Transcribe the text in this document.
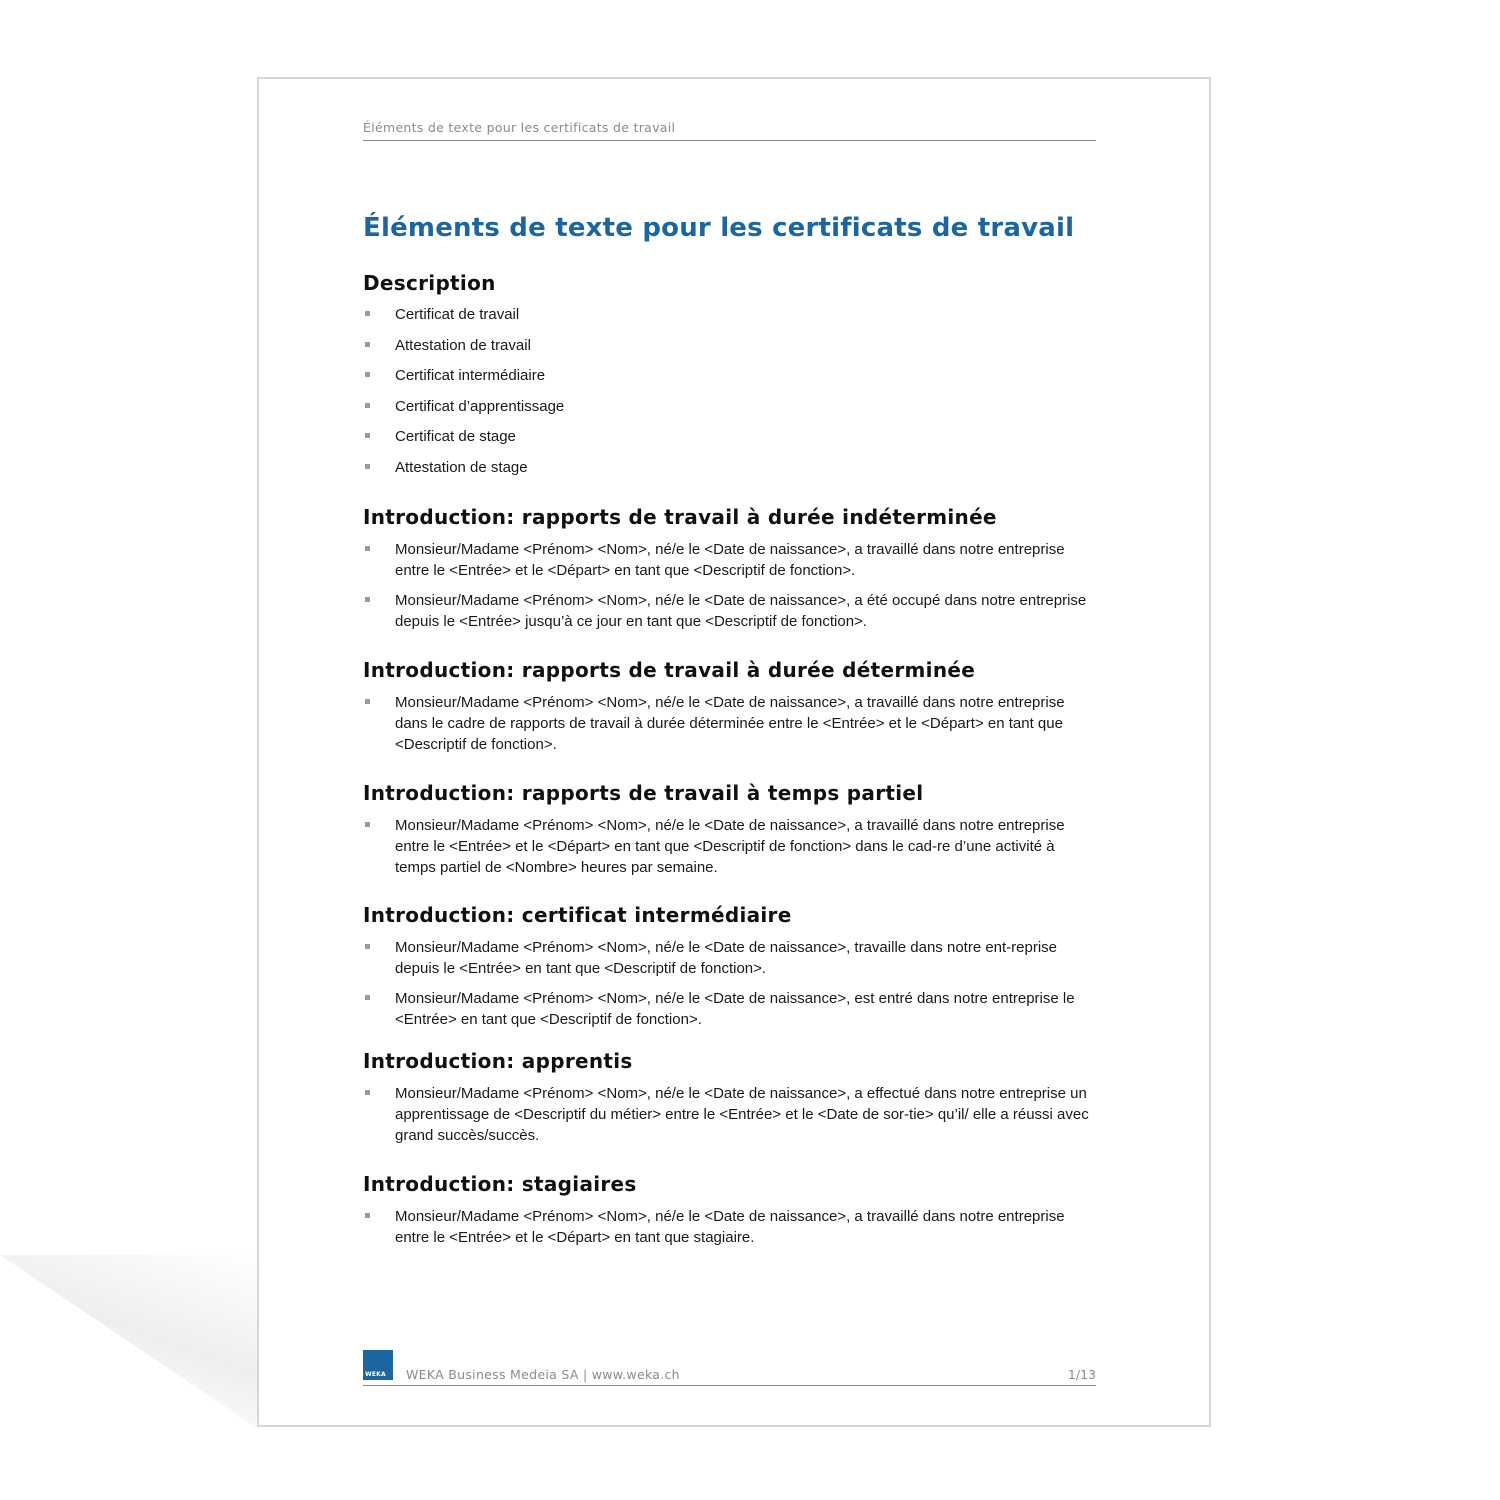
Éléments de texte pour les certificats de travail
Éléments de texte pour les certificats de travail
Description
Certificat de travail
Attestation de travail
Certificat intermédiaire
Certificat d’apprentissage
Certificat de stage
Attestation de stage
Introduction: rapports de travail à durée indéterminée
Monsieur/Madame <Prénom> <Nom>, né/e le <Date de naissance>, a travaillé dans notre entreprise entre le <Entrée> et le <Départ> en tant que <Descriptif de fonction>.
Monsieur/Madame <Prénom> <Nom>, né/e le <Date de naissance>, a été occupé dans notre entreprise depuis le <Entrée> jusqu’à ce jour en tant que <Descriptif de fonction>.
Introduction: rapports de travail à durée déterminée
Monsieur/Madame <Prénom> <Nom>, né/e le <Date de naissance>, a travaillé dans notre entreprise dans le cadre de rapports de travail à durée déterminée entre le <Entrée> et le <Départ> en tant que <Descriptif de fonction>.
Introduction: rapports de travail à temps partiel
Monsieur/Madame <Prénom> <Nom>, né/e le <Date de naissance>, a travaillé dans notre entreprise entre le <Entrée> et le <Départ> en tant que <Descriptif de fonction> dans le cad-re d’une activité à temps partiel de <Nombre> heures par semaine.
Introduction: certificat intermédiaire
Monsieur/Madame <Prénom> <Nom>, né/e le <Date de naissance>, travaille dans notre ent-reprise depuis le <Entrée> en tant que <Descriptif de fonction>.
Monsieur/Madame <Prénom> <Nom>, né/e le <Date de naissance>, est entré dans notre entreprise le <Entrée> en tant que <Descriptif de fonction>.
Introduction: apprentis
Monsieur/Madame <Prénom> <Nom>, né/e le <Date de naissance>, a effectué dans notre entreprise un apprentissage de <Descriptif du métier> entre le <Entrée> et le <Date de sor-tie> qu’il/ elle a réussi avec grand succès/succès.
Introduction: stagiaires
Monsieur/Madame <Prénom> <Nom>, né/e le <Date de naissance>, a travaillé dans notre entreprise entre le <Entrée> et le <Départ> en tant que stagiaire.
WEKA WEKA Business Medeia SA | www.weka.ch	1/13
